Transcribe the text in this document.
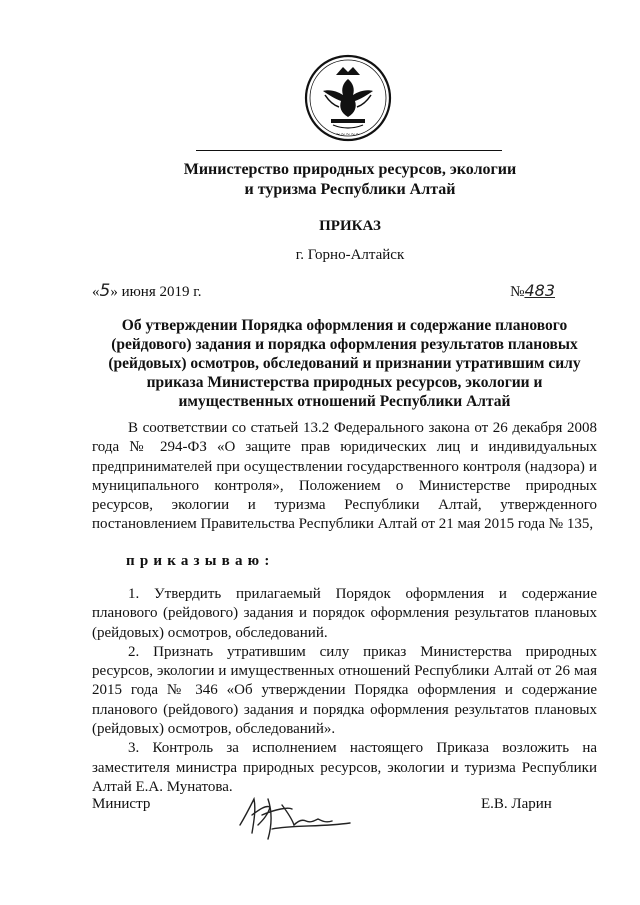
~~~~~
Министерство природных ресурсов, экологии
и туризма Республики Алтай
ПРИКАЗ
г. Горно-Алтайск
«5» июня 2019 г.	№483
Об утверждении Порядка оформления и содержание планового (рейдового) задания и порядка оформления результатов плановых (рейдовых) осмотров, обследований и признании утратившим силу приказа Министерства природных ресурсов, экологии и имущественных отношений Республики Алтай
В соответствии со статьей 13.2 Федерального закона от 26 декабря 2008 года № 294-ФЗ «О защите прав юридических лиц и индивидуальных предпринимателей при осуществлении государственного контроля (надзора) и муниципального контроля», Положением о Министерстве природных ресурсов, экологии и туризма Республики Алтай, утвержденного постановлением Правительства Республики Алтай от 21 мая 2015 года № 135,
приказываю:

1. Утвердить прилагаемый Порядок оформления и содержание планового (рейдового) задания и порядок оформления результатов плановых (рейдовых) осмотров, обследований.

2. Признать утратившим силу приказ Министерства природных ресурсов, экологии и имущественных отношений Республики Алтай от 26 мая 2015 года № 346 «Об утверждении Порядка оформления и содержание планового (рейдового) задания и порядка оформления результатов плановых (рейдовых) осмотров, обследований».

3. Контроль за исполнением настоящего Приказа возложить на заместителя министра природных ресурсов, экологии и туризма Республики Алтай Е.А. Мунатова.

Министр	Е.В. Ларин
